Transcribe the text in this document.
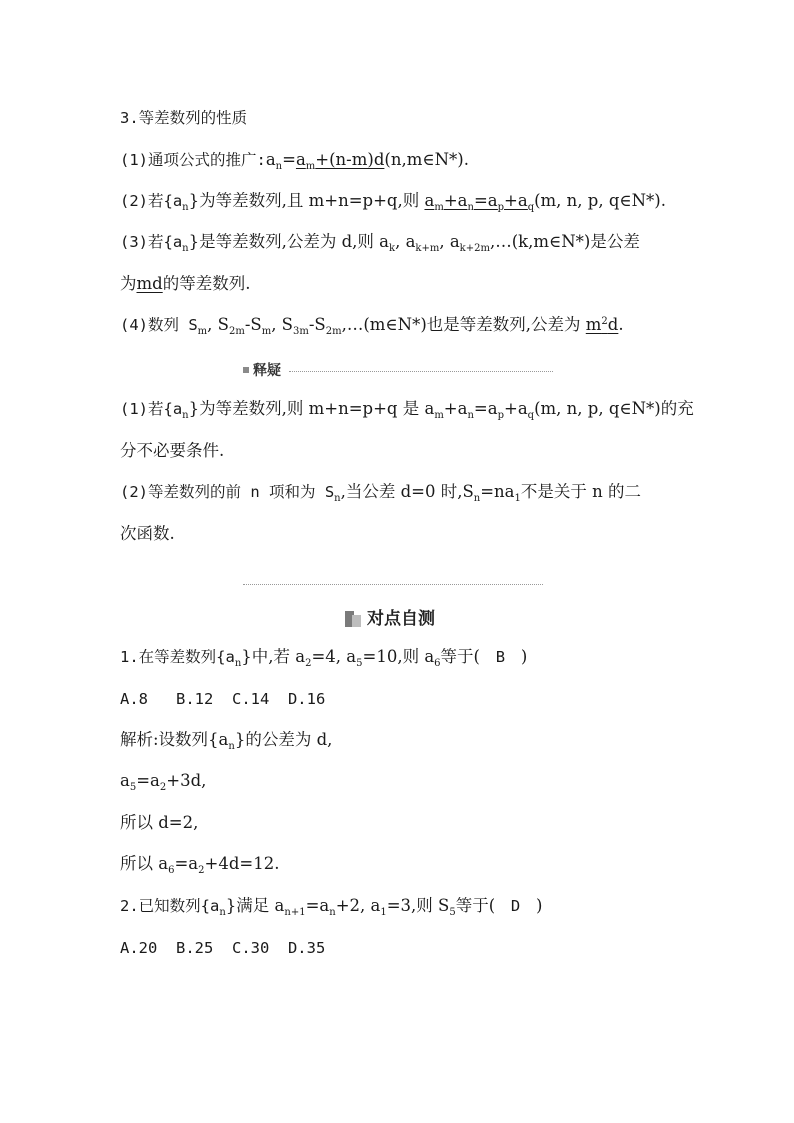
3.等差数列的性质
(1)通项公式的推广$:a_n=a_m+(n-m)d(n,m\in N*)$.
(2)若$\{a_n\}$为等差数列,且 m+n=p+q,则 $a_m+a_n=a_p+a_q(m$, n, p, q∈N*).
(3)若$\{a_n\}$是等差数列,公差为 d,则 $a_k$, $a_{k+m}$, $a_{k+2m},\dots(k,m\in N*)$是公差
为md的等差数列.
(4)数列 $S_m$, $S_{2m}-S_m$, $S_{3m}-S_{2m},\dots(m\in N*)$也是等差数列,公差为 $m^2d$.
释疑
(1)若$\{a_n\}$为等差数列,则 m+n=p+q 是 $a_m+a_n=a_p+a_q(m$, n, p, q∈N*)的充
分不必要条件.
(2)等差数列的前 n 项和为 $S_n$,当公差 d=0 时$,S_n=na_1$不是关于 n 的二
次函数.
对点自测
1.在等差数列$\{a_n\}$中,若 $a_2=4$, $a_5=10$,则 $a_6$等于( B )
A.8   B.12  C.14  D.16
解析:设数列$\{a_n\}$的公差为 d,
$a_5=a_2+3d$,
所以 d=2,
所以 $a_6=a_2+4d=12$.
2.已知数列$\{a_n\}$满足 $a_{n+1}=a_n+2$, $a_1=3$,则 $S_5$等于( D )
A.20  B.25  C.30  D.35
